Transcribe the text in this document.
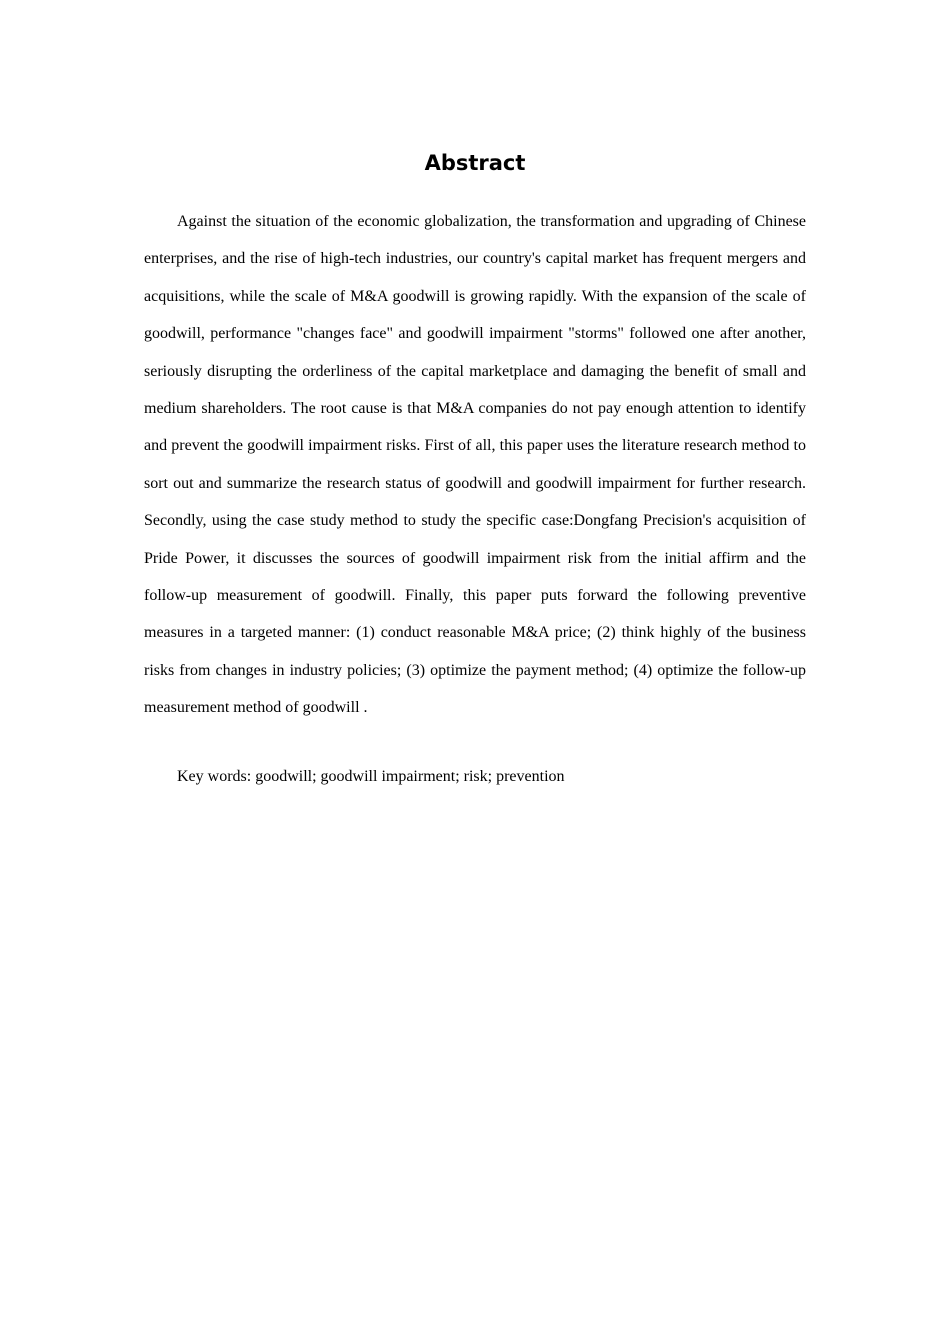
Abstract

Against the situation of the economic globalization, the transformation and upgrading of Chinese enterprises, and the rise of high-tech industries, our country's capital market has frequent mergers and acquisitions, while the scale of M&A goodwill is growing rapidly. With the expansion of the scale of goodwill, performance "changes face" and goodwill impairment "storms" followed one after another, seriously disrupting the orderliness of the capital marketplace and damaging the benefit of small and medium shareholders. The root cause is that M&A companies do not pay enough attention to identify and prevent the goodwill impairment risks. First of all, this paper uses the literature research method to sort out and summarize the research status of goodwill and goodwill impairment for further research. Secondly, using the case study method to study the specific case:Dongfang Precision's acquisition of Pride Power, it discusses the sources of goodwill impairment risk from the initial affirm and the follow-up measurement of goodwill. Finally, this paper puts forward the following preventive measures in a targeted manner: (1) conduct reasonable M&A price; (2) think highly of the business risks from changes in industry policies; (3) optimize the payment method; (4) optimize the follow-up measurement method of goodwill .

Key words: goodwill; goodwill impairment; risk; prevention
